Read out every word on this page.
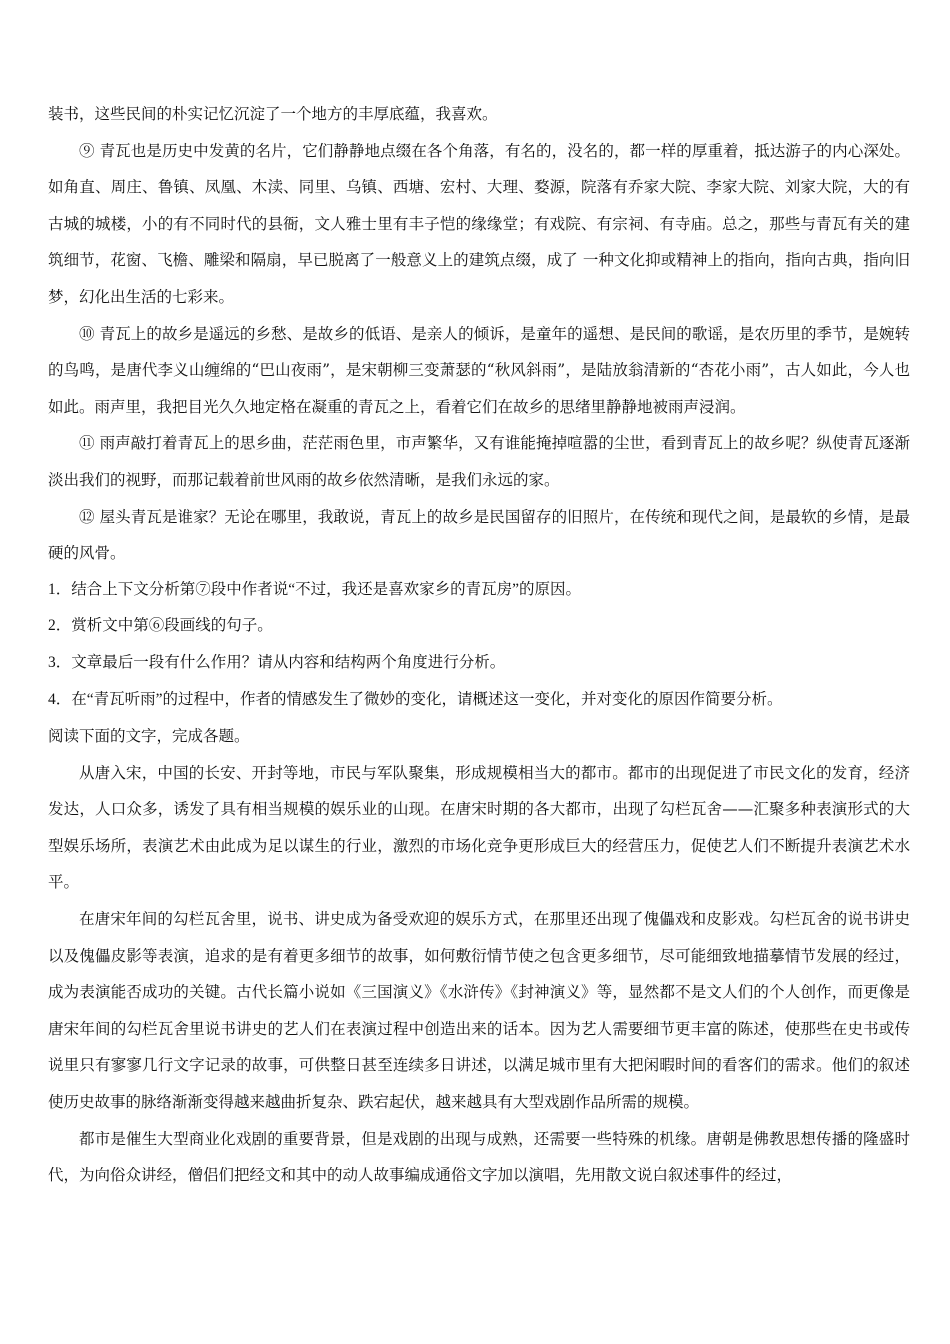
装书，这些民间的朴实记忆沉淀了一个地方的丰厚底蕴，我喜欢。

⑨ 青瓦也是历史中发黄的名片，它们静静地点缀在各个角落，有名的，没名的，都一样的厚重着，抵达游子的内心深处。如角直、周庄、鲁镇、凤凰、木渎、同里、乌镇、西塘、宏村、大理、婺源，院落有乔家大院、李家大院、刘家大院，大的有古城的城楼，小的有不同时代的县衙，文人雅士里有丰子恺的缘缘堂；有戏院、有宗祠、有寺庙。总之，那些与青瓦有关的建筑细节，花窗、飞檐、雕梁和隔扇，早已脱离了一般意义上的建筑点缀，成了 一种文化抑或精神上的指向，指向古典，指向旧梦，幻化出生活的七彩来。

⑩ 青瓦上的故乡是遥远的乡愁、是故乡的低语、是亲人的倾诉，是童年的遥想、是民间的歌谣，是农历里的季节，是婉转的鸟鸣，是唐代李义山缠绵的“巴山夜雨”，是宋朝柳三变萧瑟的“秋风斜雨”，是陆放翁清新的“杏花小雨”，古人如此，今人也如此。雨声里，我把目光久久地定格在凝重的青瓦之上，看着它们在故乡的思绪里静静地被雨声浸润。

⑪ 雨声敲打着青瓦上的思乡曲，茫茫雨色里，市声繁华，又有谁能掩掉喧嚣的尘世，看到青瓦上的故乡呢？纵使青瓦逐渐淡出我们的视野，而那记载着前世风雨的故乡依然清晰，是我们永远的家。

⑫ 屋头青瓦是谁家？无论在哪里，我敢说，青瓦上的故乡是民国留存的旧照片，在传统和现代之间，是最软的乡情，是最硬的风骨。

1．结合上下文分析第⑦段中作者说“不过，我还是喜欢家乡的青瓦房”的原因。

2．赏析文中第⑥段画线的句子。

3．文章最后一段有什么作用？请从内容和结构两个角度进行分析。

4．在“青瓦听雨”的过程中，作者的情感发生了微妙的变化，请概述这一变化，并对变化的原因作简要分析。

阅读下面的文字，完成各题。

从唐入宋，中国的长安、开封等地，市民与军队聚集，形成规模相当大的都市。都市的出现促进了市民文化的发育，经济发达，人口众多，诱发了具有相当规模的娱乐业的山现。在唐宋时期的各大都市，出现了勾栏瓦舍——汇聚多种表演形式的大型娱乐场所，表演艺术由此成为足以谋生的行业，激烈的市场化竞争更形成巨大的经营压力，促使艺人们不断提升表演艺术水平。

在唐宋年间的勾栏瓦舍里，说书、讲史成为备受欢迎的娱乐方式，在那里还出现了傀儡戏和皮影戏。勾栏瓦舍的说书讲史以及傀儡皮影等表演，追求的是有着更多细节的故事，如何敷衍情节使之包含更多细节，尽可能细致地描摹情节发展的经过，成为表演能否成功的关键。古代长篇小说如《三国演义》《水浒传》《封神演义》等，显然都不是文人们的个人创作，而更像是唐宋年间的勾栏瓦舍里说书讲史的艺人们在表演过程中创造出来的话本。因为艺人需要细节更丰富的陈述，使那些在史书或传说里只有寥寥几行文字记录的故事，可供整日甚至连续多日讲述，以满足城市里有大把闲暇时间的看客们的需求。他们的叙述使历史故事的脉络渐渐变得越来越曲折复杂、跌宕起伏，越来越具有大型戏剧作品所需的规模。

都市是催生大型商业化戏剧的重要背景，但是戏剧的出现与成熟，还需要一些特殊的机缘。唐朝是佛教思想传播的隆盛时代，为向俗众讲经，僧侣们把经文和其中的动人故事编成通俗文字加以演唱，先用散文说白叙述事件的经过，
